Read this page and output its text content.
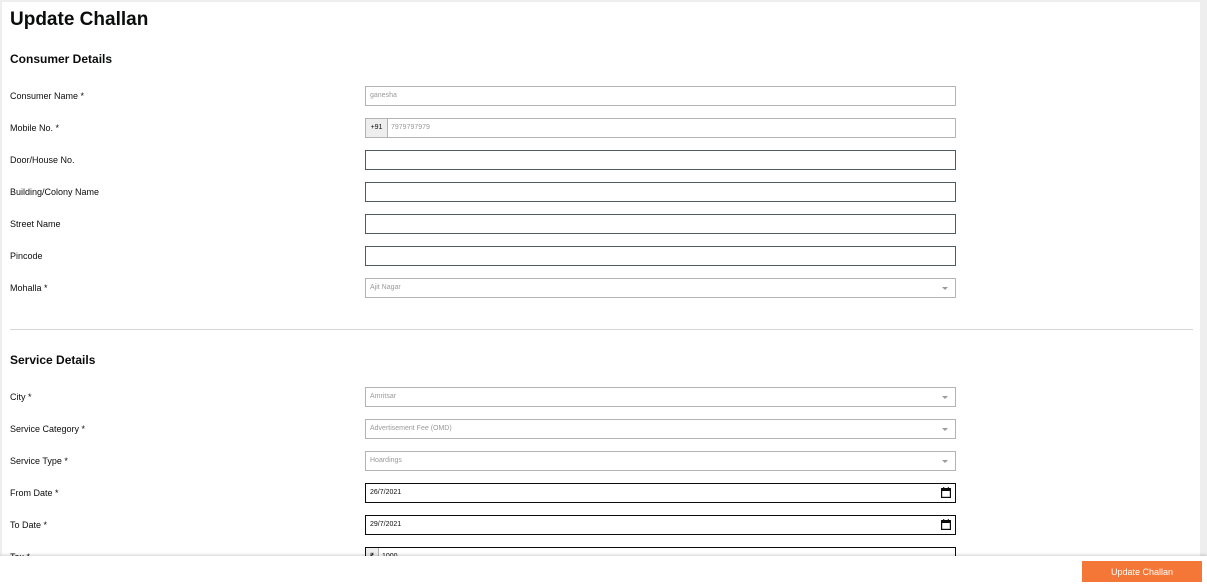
Update Challan
Consumer Details
Consumer Name *	ganesha
Mobile No. *	+91	7979797979
Door/House No.
Building/Colony Name
Street Name
Pincode
Mohalla *	Ajit Nagar
Service Details
City *	Amritsar
Service Category *	Advertisement Fee (OMD)
Service Type *	Hoardings
From Date *	26/7/2021
To Date *	29/7/2021
Update Challan
